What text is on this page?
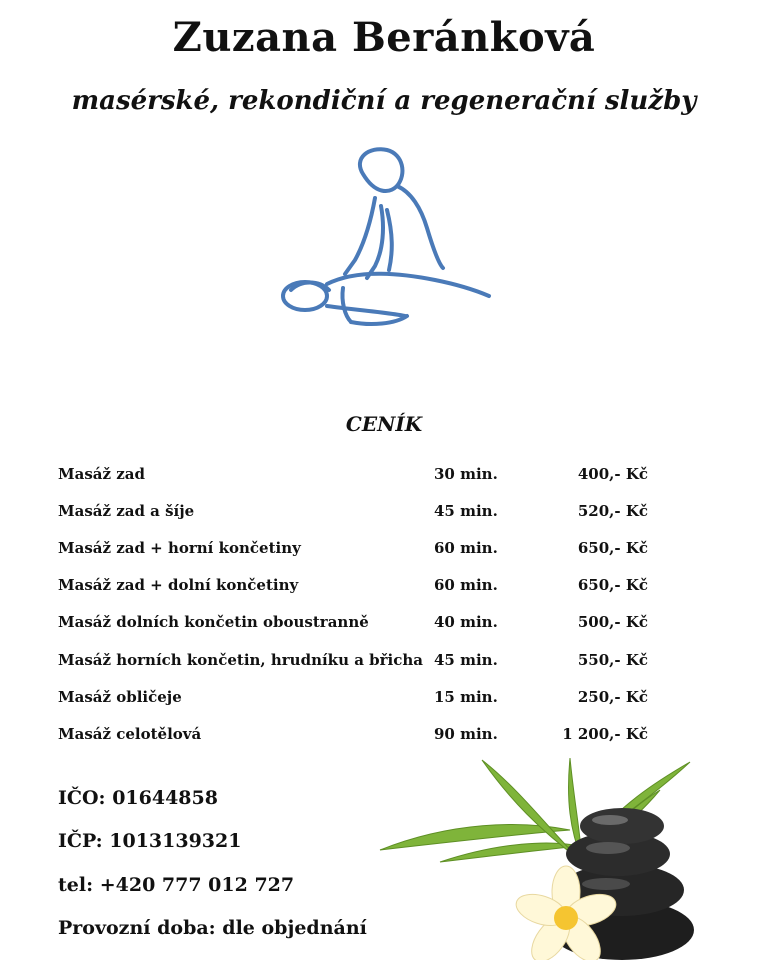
Zuzana Beránková
masérské, rekondiční a regenerační služby
CENÍK
Masáž zad	30 min.	400,- Kč
Masáž zad a šíje	45 min.	520,- Kč
Masáž zad + horní končetiny	60 min.	650,- Kč
Masáž zad + dolní končetiny	60 min.	650,- Kč
Masáž dolních končetin oboustranně	40 min.	500,- Kč
Masáž horních končetin, hrudníku a břicha	45 min.	550,- Kč
Masáž obličeje	15 min.	250,- Kč
Masáž celotělová	90 min.	1 200,- Kč
IČO: 01644858
IČP: 1013139321
tel: +420 777 012 727
Provozní doba: dle objednání
